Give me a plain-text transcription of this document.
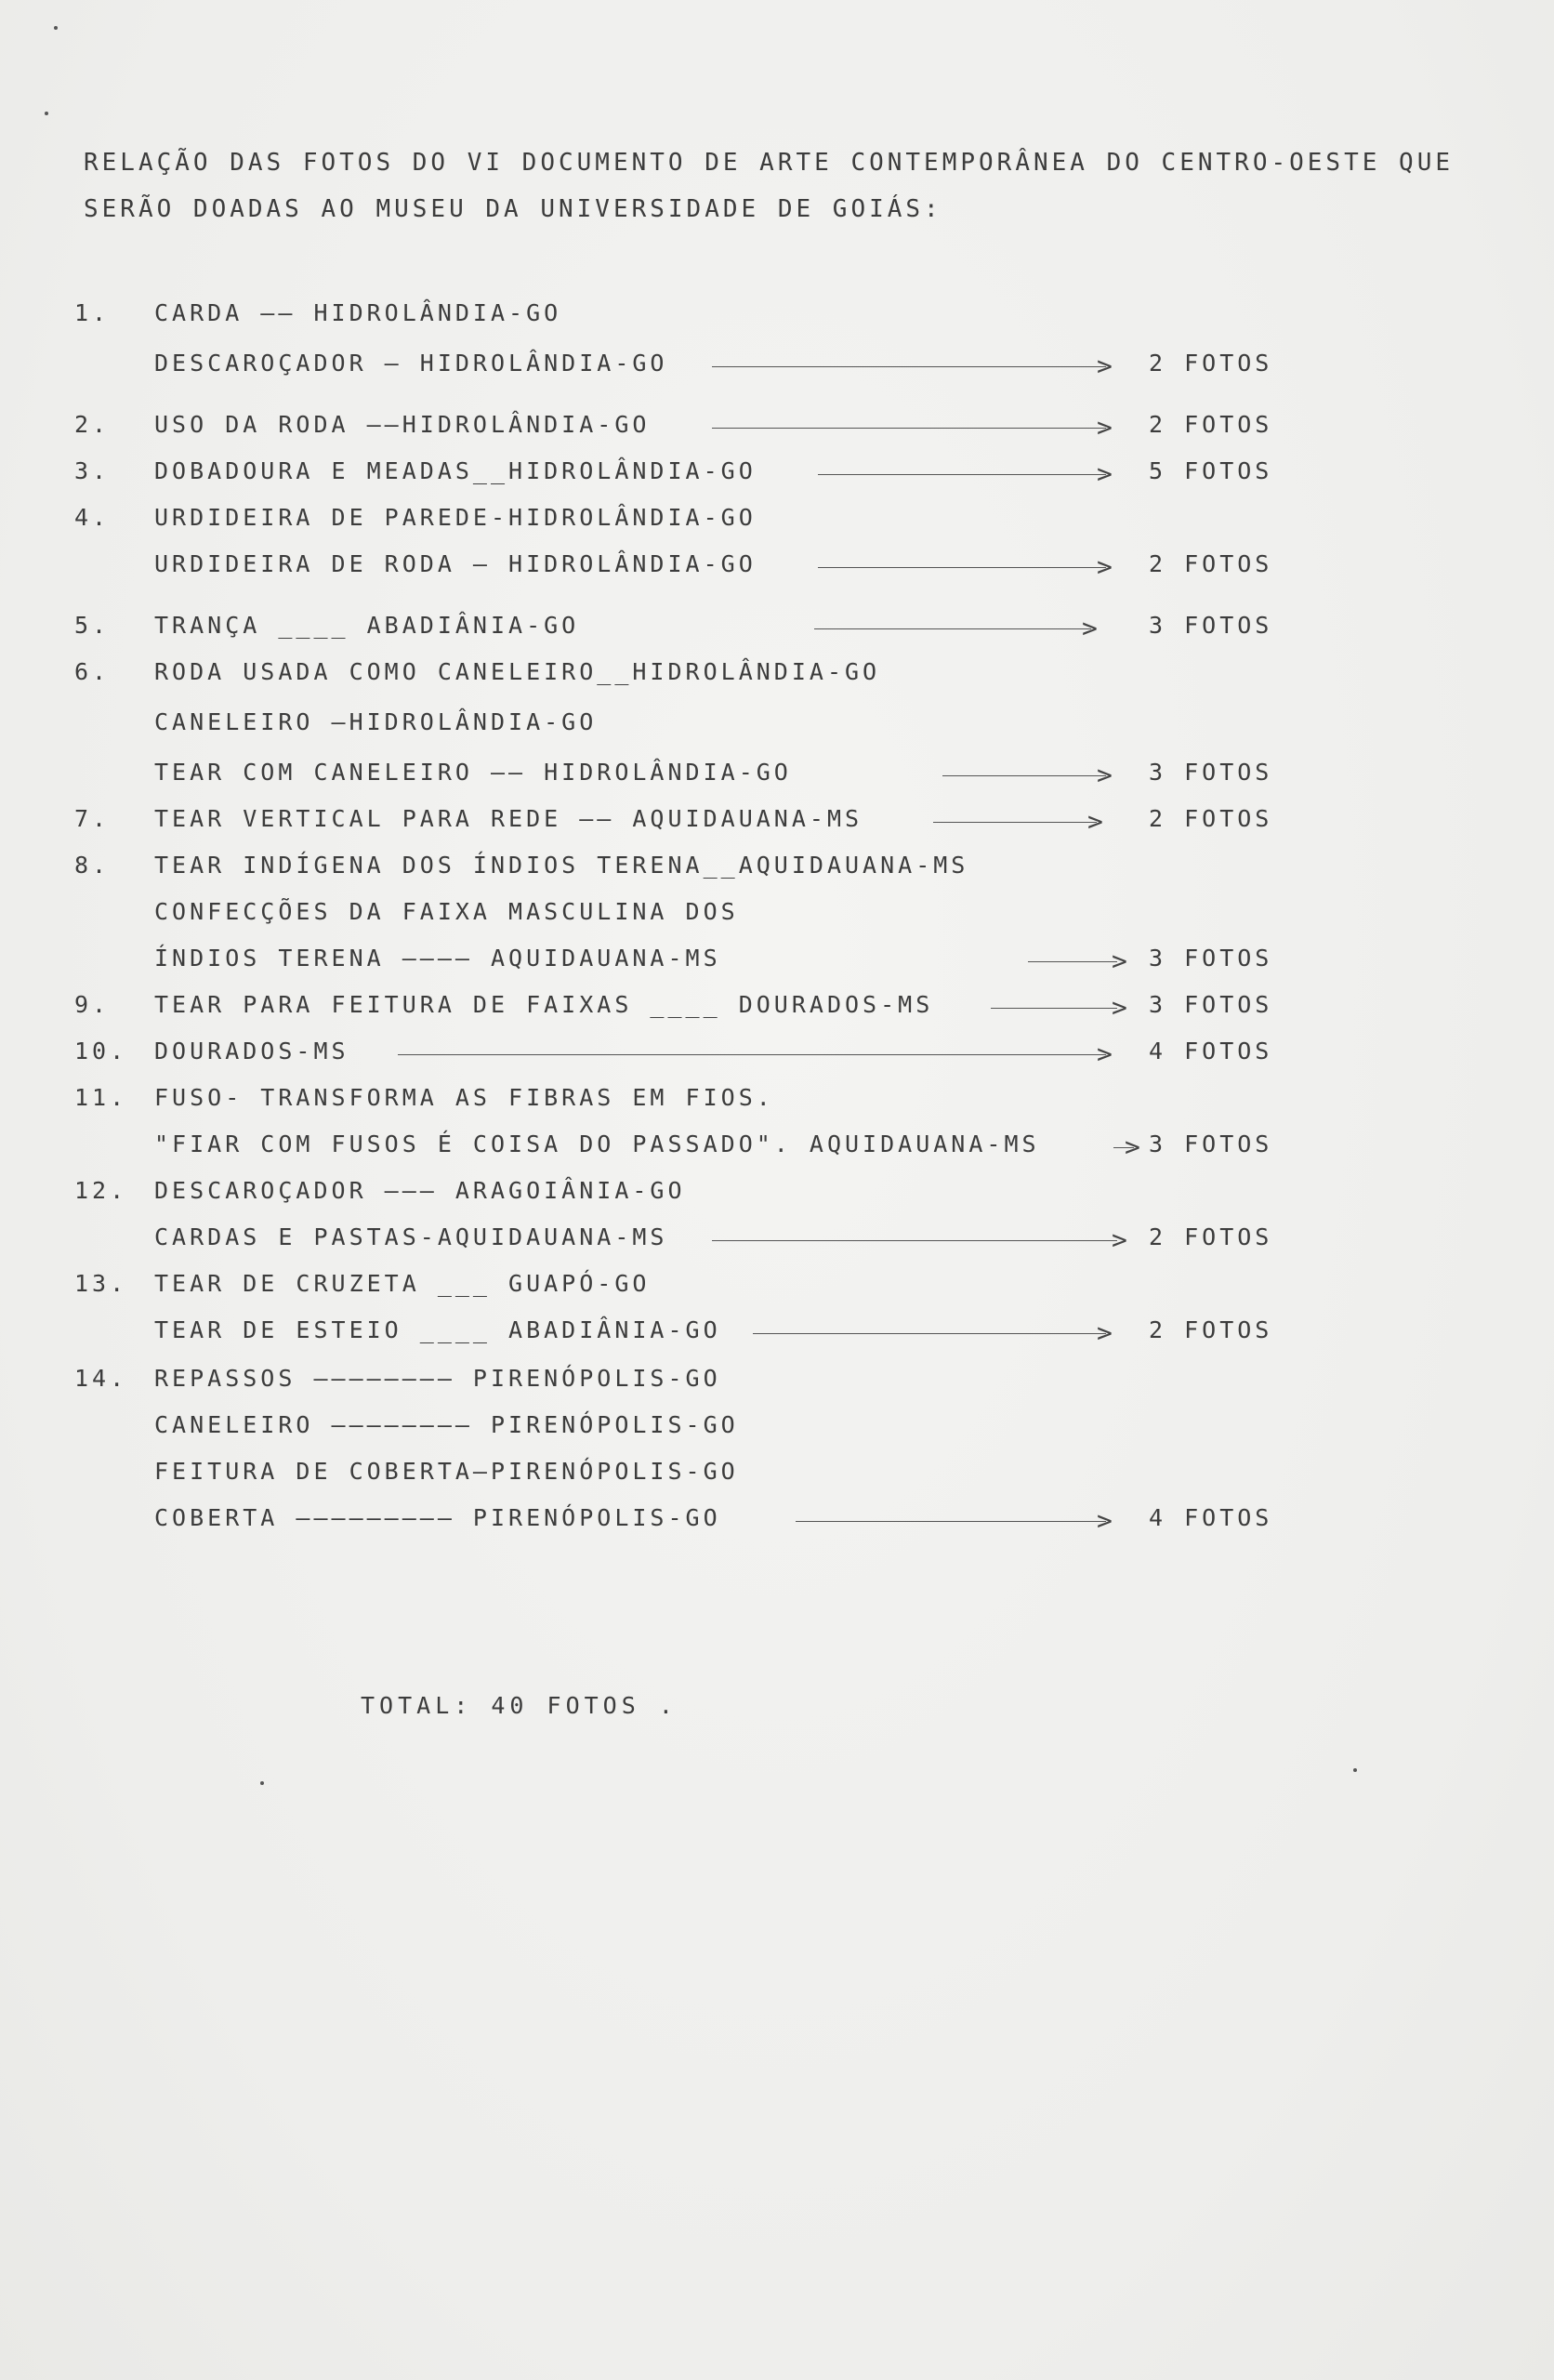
RELAÇÃO DAS FOTOS DO VI DOCUMENTO DE ARTE CONTEMPORÂNEA DO CENTRO-OESTE QUE
SERÃO DOADAS AO MUSEU DA UNIVERSIDADE DE GOIÁS:
1.	CARDA —— HIDROLÂNDIA-GO
DESCAROÇADOR — HIDROLÂNDIA-GO	> 2 FOTOS
2.	USO DA RODA ——HIDROLÂNDIA-GO	> 2 FOTOS
3.	DOBADOURA E MEADAS__HIDROLÂNDIA-GO	> 5 FOTOS
4.	URDIDEIRA DE PAREDE-HIDROLÂNDIA-GO
URDIDEIRA DE RODA — HIDROLÂNDIA-GO	> 2 FOTOS
5.	TRANÇA ____ ABADIÂNIA-GO	> 3 FOTOS
6.	RODA USADA COMO CANELEIRO__HIDROLÂNDIA-GO
CANELEIRO —HIDROLÂNDIA-GO
TEAR COM CANELEIRO —— HIDROLÂNDIA-GO	> 3 FOTOS
7.	TEAR VERTICAL PARA REDE —— AQUIDAUANA-MS	> 2 FOTOS
8.	TEAR INDÍGENA DOS ÍNDIOS TERENA__AQUIDAUANA-MS
CONFECÇÕES DA FAIXA MASCULINA DOS
ÍNDIOS TERENA ———— AQUIDAUANA-MS	> 3 FOTOS
9.	TEAR PARA FEITURA DE FAIXAS ____ DOURADOS-MS	> 3 FOTOS
10.	DOURADOS-MS	> 4 FOTOS
11.	FUSO- TRANSFORMA AS FIBRAS EM FIOS.
"FIAR COM FUSOS É COISA DO PASSADO". AQUIDAUANA-MS	> 3 FOTOS
12.	DESCAROÇADOR ——— ARAGOIÂNIA-GO
CARDAS E PASTAS-AQUIDAUANA-MS	> 2 FOTOS
13.	TEAR DE CRUZETA ___ GUAPÓ-GO
TEAR DE ESTEIO ____ ABADIÂNIA-GO	> 2 FOTOS
14.	REPASSOS ———————— PIRENÓPOLIS-GO
CANELEIRO ———————— PIRENÓPOLIS-GO
FEITURA DE COBERTA—PIRENÓPOLIS-GO
COBERTA ————————— PIRENÓPOLIS-GO	> 4 FOTOS
TOTAL: 40 FOTOS .
